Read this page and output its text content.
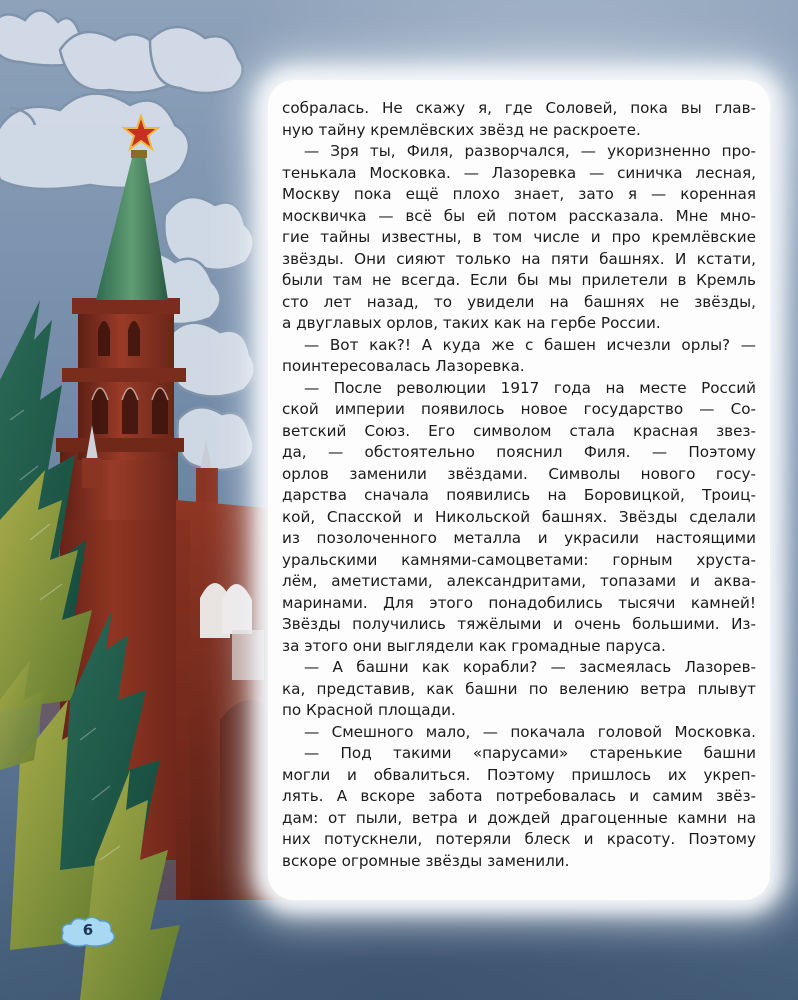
собралась. Не скажу я, где Соловей, пока вы глав-
ную тайну кремлёвских звёзд не раскроете.
— Зря ты, Филя, разворчался, — укоризненно про-
тенькала Московка. — Лазоревка — синичка лесная,
Москву пока ещё плохо знает, зато я — коренная
москвичка — всё бы ей потом рассказала. Мне мно-
гие тайны известны, в том числе и про кремлёвские
звёзды. Они сияют только на пяти башнях. И кстати,
были там не всегда. Если бы мы прилетели в Кремль
сто лет назад, то увидели на башнях не звёзды,
а двуглавых орлов, таких как на гербе России.
— Вот как?! А куда же с башен исчезли орлы? —
поинтересовалась Лазоревка.
— После революции 1917 года на месте Россий
ской империи появилось новое государство — Со-
ветский Союз. Его символом стала красная звез-
да, — обстоятельно пояснил Филя. — Поэтому
орлов заменили звёздами. Символы нового госу-
дарства сначала появились на Боровицкой, Троиц-
кой, Спасской и Никольской башнях. Звёзды сделали
из позолоченного металла и украсили настоящими
уральскими камнями-самоцветами: горным хруста-
лём, аметистами, александритами, топазами и аква-
маринами. Для этого понадобились тысячи камней!
Звёзды получились тяжёлыми и очень большими. Из-
за этого они выглядели как громадные паруса.
— А башни как корабли? — засмеялась Лазорев-
ка, представив, как башни по велению ветра плывут
по Красной площади.
— Смешного мало, — покачала головой Московка.
— Под такими «парусами» старенькие башни
могли и обвалиться. Поэтому пришлось их укреп-
лять. А вскоре забота потребовалась и самим звёз-
дам: от пыли, ветра и дождей драгоценные камни на
них потускнели, потеряли блеск и красоту. Поэтому
вскоре огромные звёзды заменили.
6
